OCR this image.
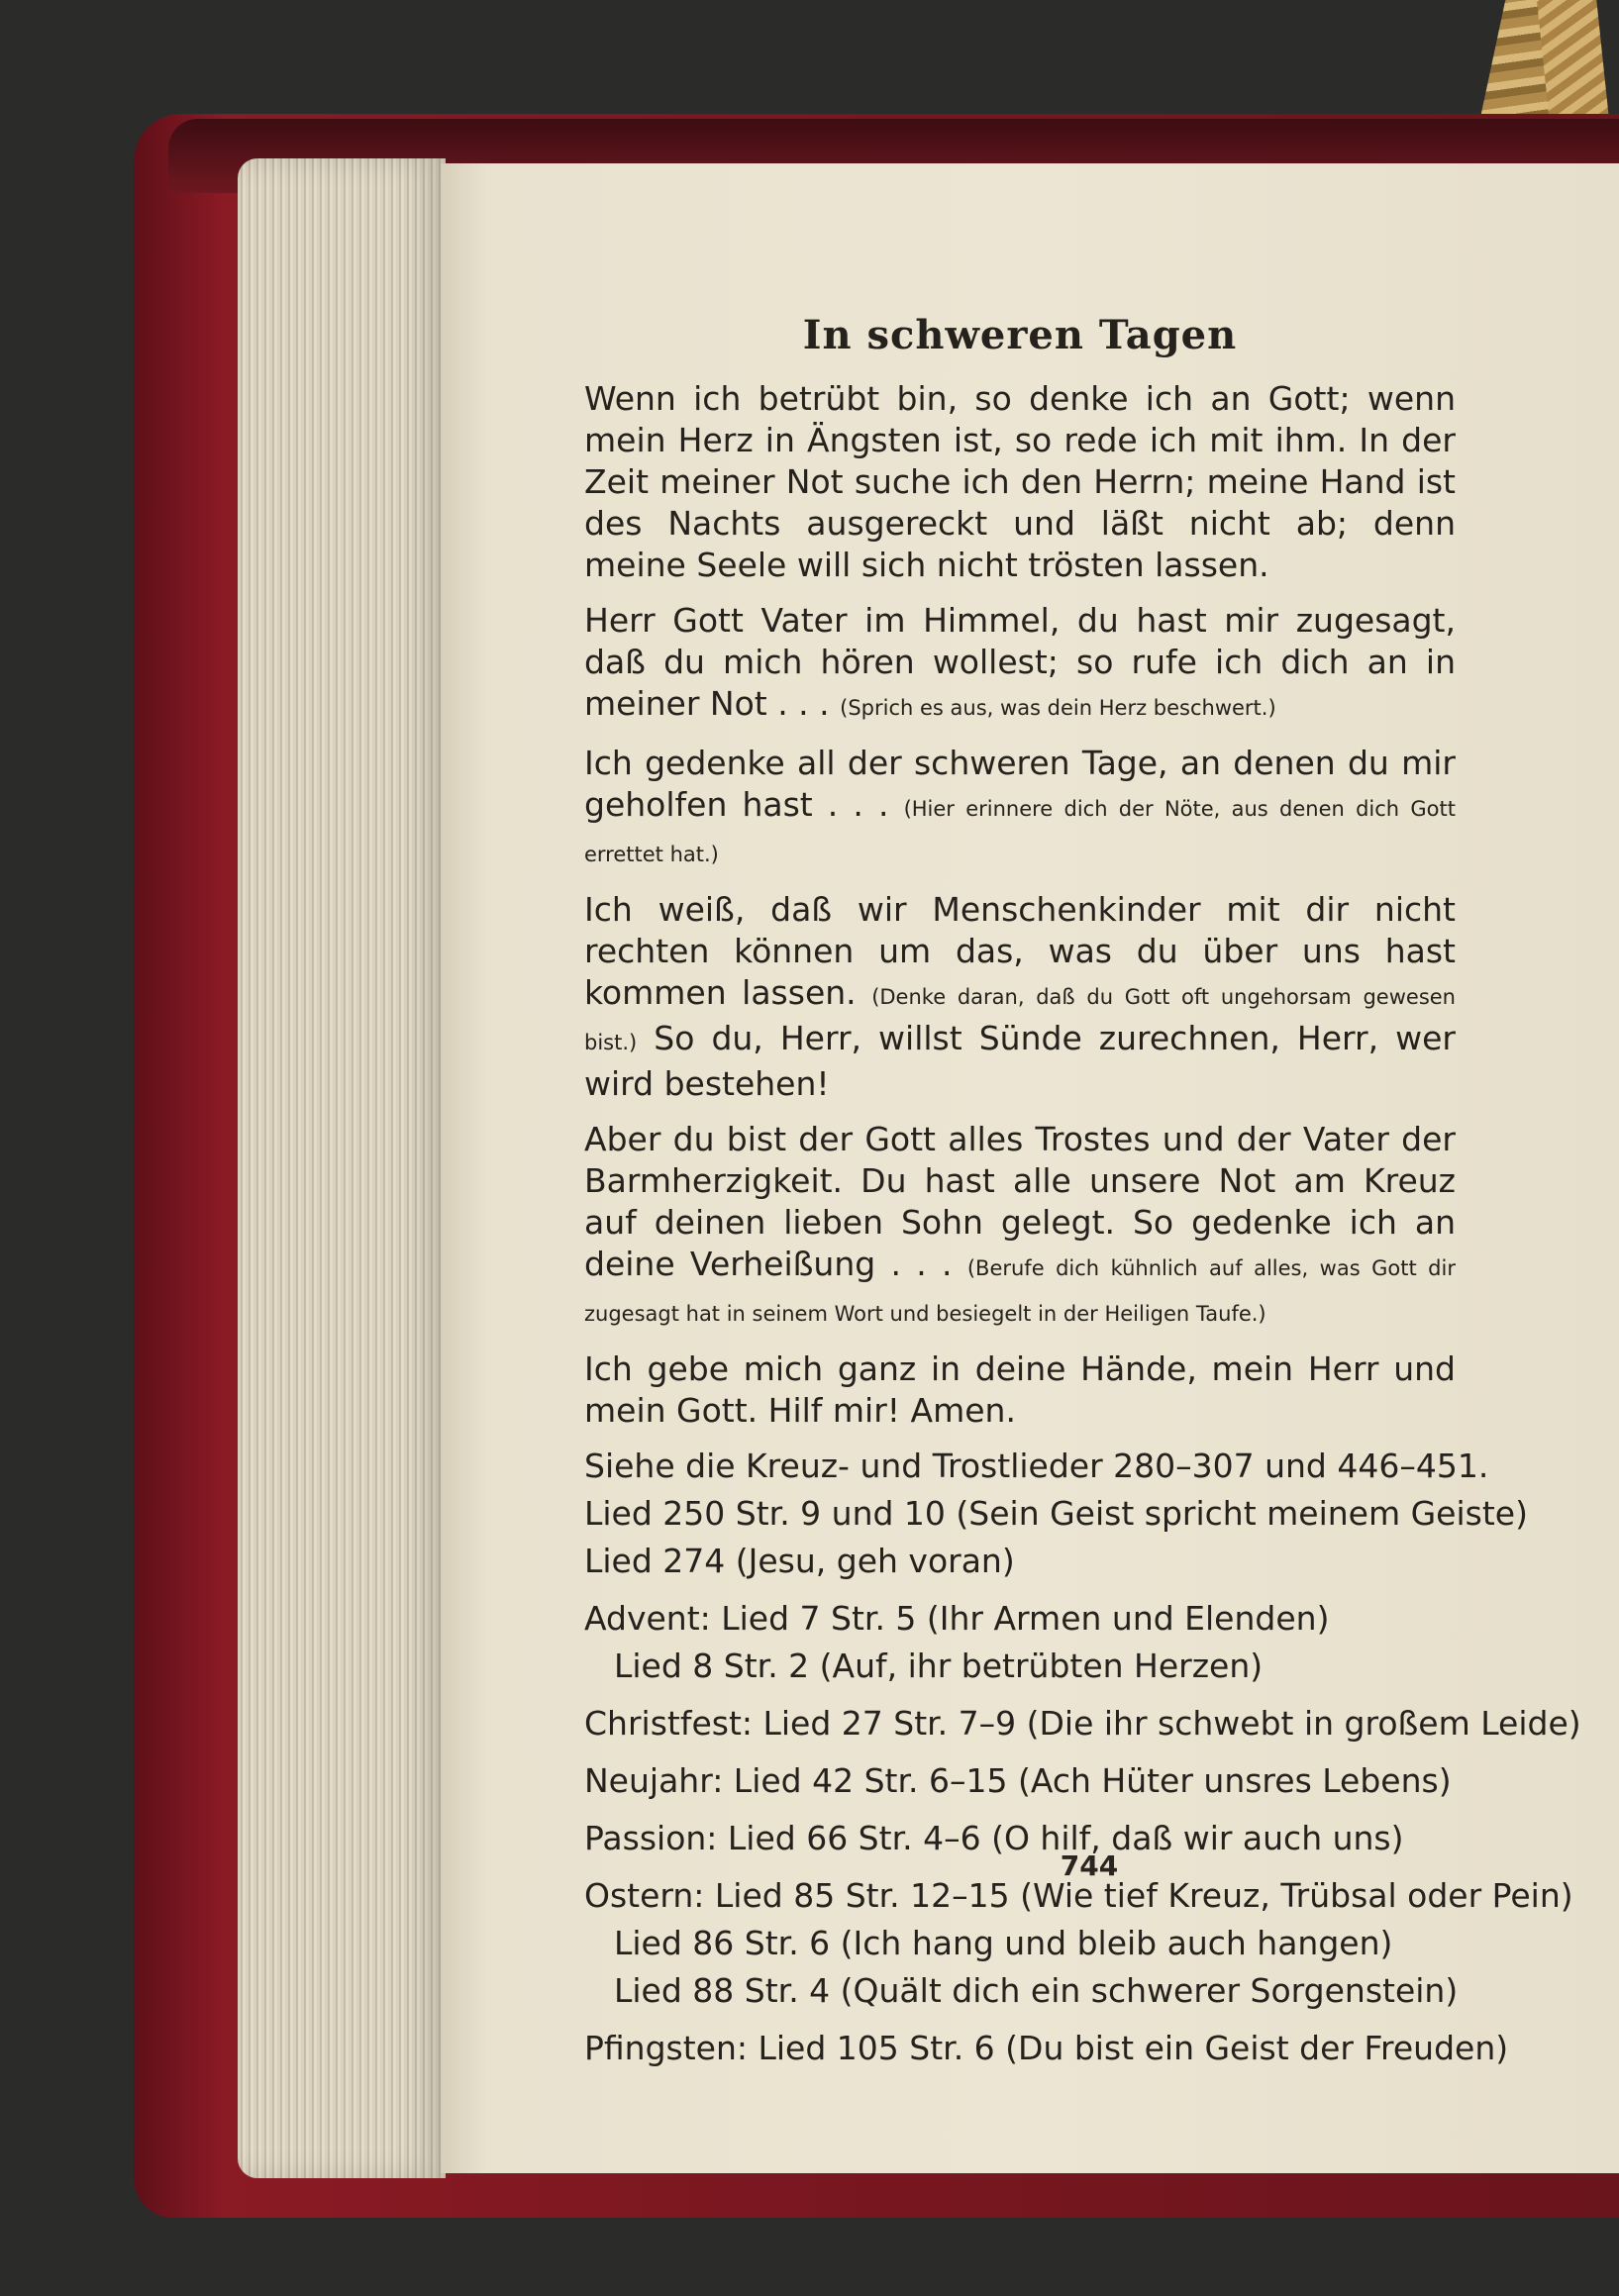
In schweren Tagen

Wenn ich betrübt bin, so denke ich an Gott; wenn mein Herz in Ängsten ist, so rede ich mit ihm. In der Zeit meiner Not suche ich den Herrn; meine Hand ist des Nachts ausgereckt und läßt nicht ab; denn meine Seele will sich nicht trösten lassen.

Herr Gott Vater im Himmel, du hast mir zugesagt, daß du mich hören wollest; so rufe ich dich an in meiner Not . . . (Sprich es aus, was dein Herz beschwert.)

Ich gedenke all der schweren Tage, an denen du mir geholfen hast . . . (Hier erinnere dich der Nöte, aus denen dich Gott errettet hat.)

Ich weiß, daß wir Menschenkinder mit dir nicht rechten können um das, was du über uns hast kommen lassen. (Denke daran, daß du Gott oft ungehorsam gewesen bist.) So du, Herr, willst Sünde zurechnen, Herr, wer wird bestehen!

Aber du bist der Gott alles Trostes und der Vater der Barmherzigkeit. Du hast alle unsere Not am Kreuz auf deinen lieben Sohn gelegt. So gedenke ich an deine Verheißung . . . (Berufe dich kühnlich auf alles, was Gott dir zugesagt hat in seinem Wort und besiegelt in der Heiligen Taufe.)

Ich gebe mich ganz in deine Hände, mein Herr und mein Gott. Hilf mir! Amen.

Siehe die Kreuz- und Trostlieder 280–307 und 446–451.
Lied 250 Str. 9 und 10 (Sein Geist spricht meinem Geiste)
Lied 274 (Jesu, geh voran)
Advent: Lied 7 Str. 5 (Ihr Armen und Elenden)
Lied 8 Str. 2 (Auf, ihr betrübten Herzen)
Christfest: Lied 27 Str. 7–9 (Die ihr schwebt in großem Leide)
Neujahr: Lied 42 Str. 6–15 (Ach Hüter unsres Lebens)
Passion: Lied 66 Str. 4–6 (O hilf, daß wir auch uns)
Ostern: Lied 85 Str. 12–15 (Wie tief Kreuz, Trübsal oder Pein)
Lied 86 Str. 6 (Ich hang und bleib auch hangen)
Lied 88 Str. 4 (Quält dich ein schwerer Sorgenstein)
Pfingsten: Lied 105 Str. 6 (Du bist ein Geist der Freuden)
744
